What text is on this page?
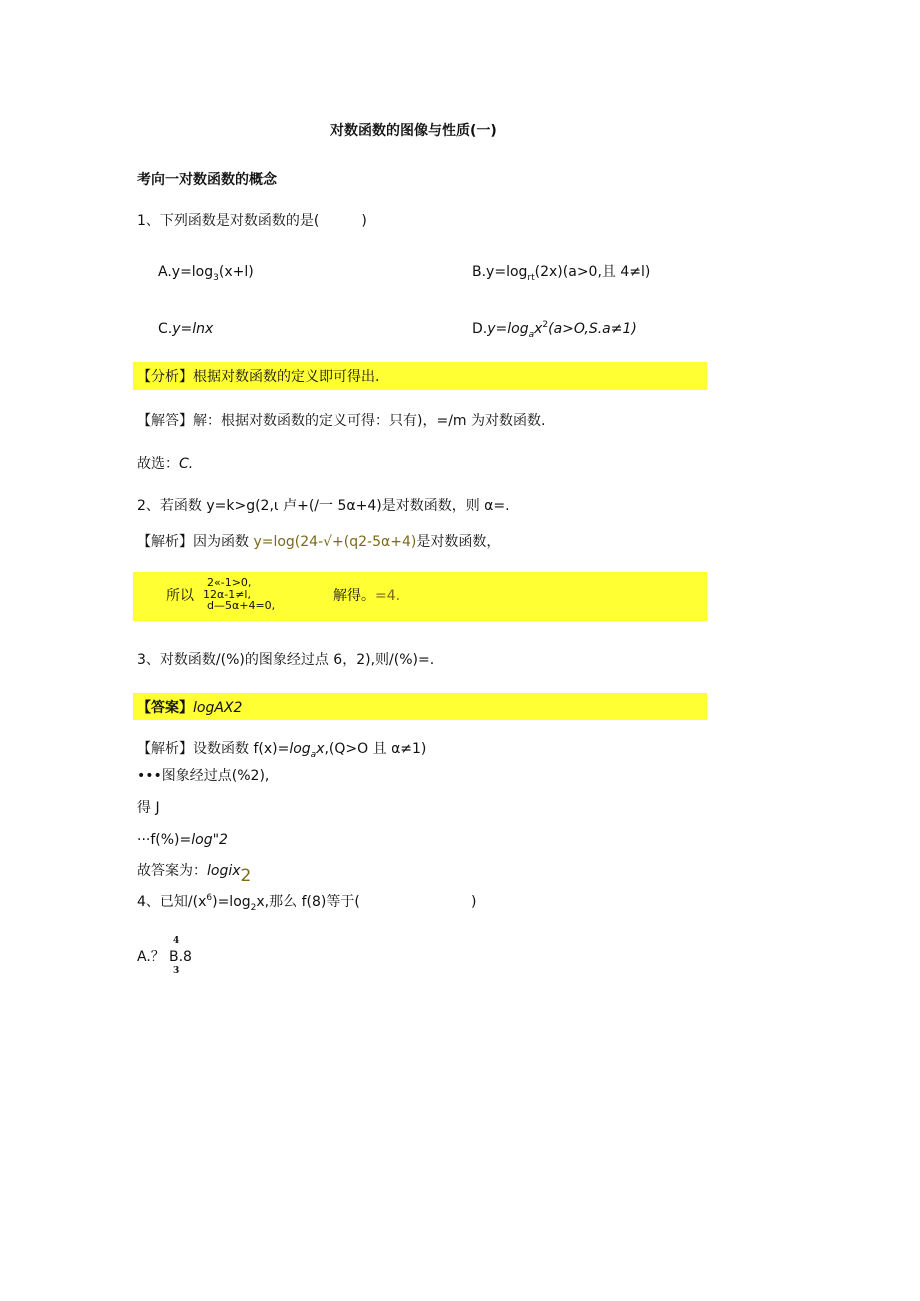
对数函数的图像与性质(一)
考向一对数函数的概念
1、下列函数是对数函数的是(　　　)
$A.y=\log_3(x+l)$	$B.y=\log_{rt}(2x)(a>0$,且 4≠l)
C.y=lnx	$D.y=\log_ax^2(a>O,S.a\ne 1)$
【分析】根据对数函数的定义即可得出.
【解答】解：根据对数函数的定义可得：只有)，=/m 为对数函数.
故选：C.
2、若函数 y=k>g(2,ι 卢+(/一 5α+4)是对数函数，则 α=.
【解析】因为函数 y=log(24-√+(q2-5α+4)是对数函数，
所以
2«-1>0,
12α-1≠l,
d—5α+4=0,
解得。=4.
3、对数函数/(%)的图象经过点 6，2),则/(%)=.
【答案】logAX2
【解析】设数函数 $f(x)=\log_ax,(Q>O$ 且 α≠1)
•••图象经过点(%2),
得 J
···f(%)=log"2
故答案为：logix2
4、已知$/(x^6)=\log_2x$,那么 f(8)等于(	)
A.？
4
3
B.8
